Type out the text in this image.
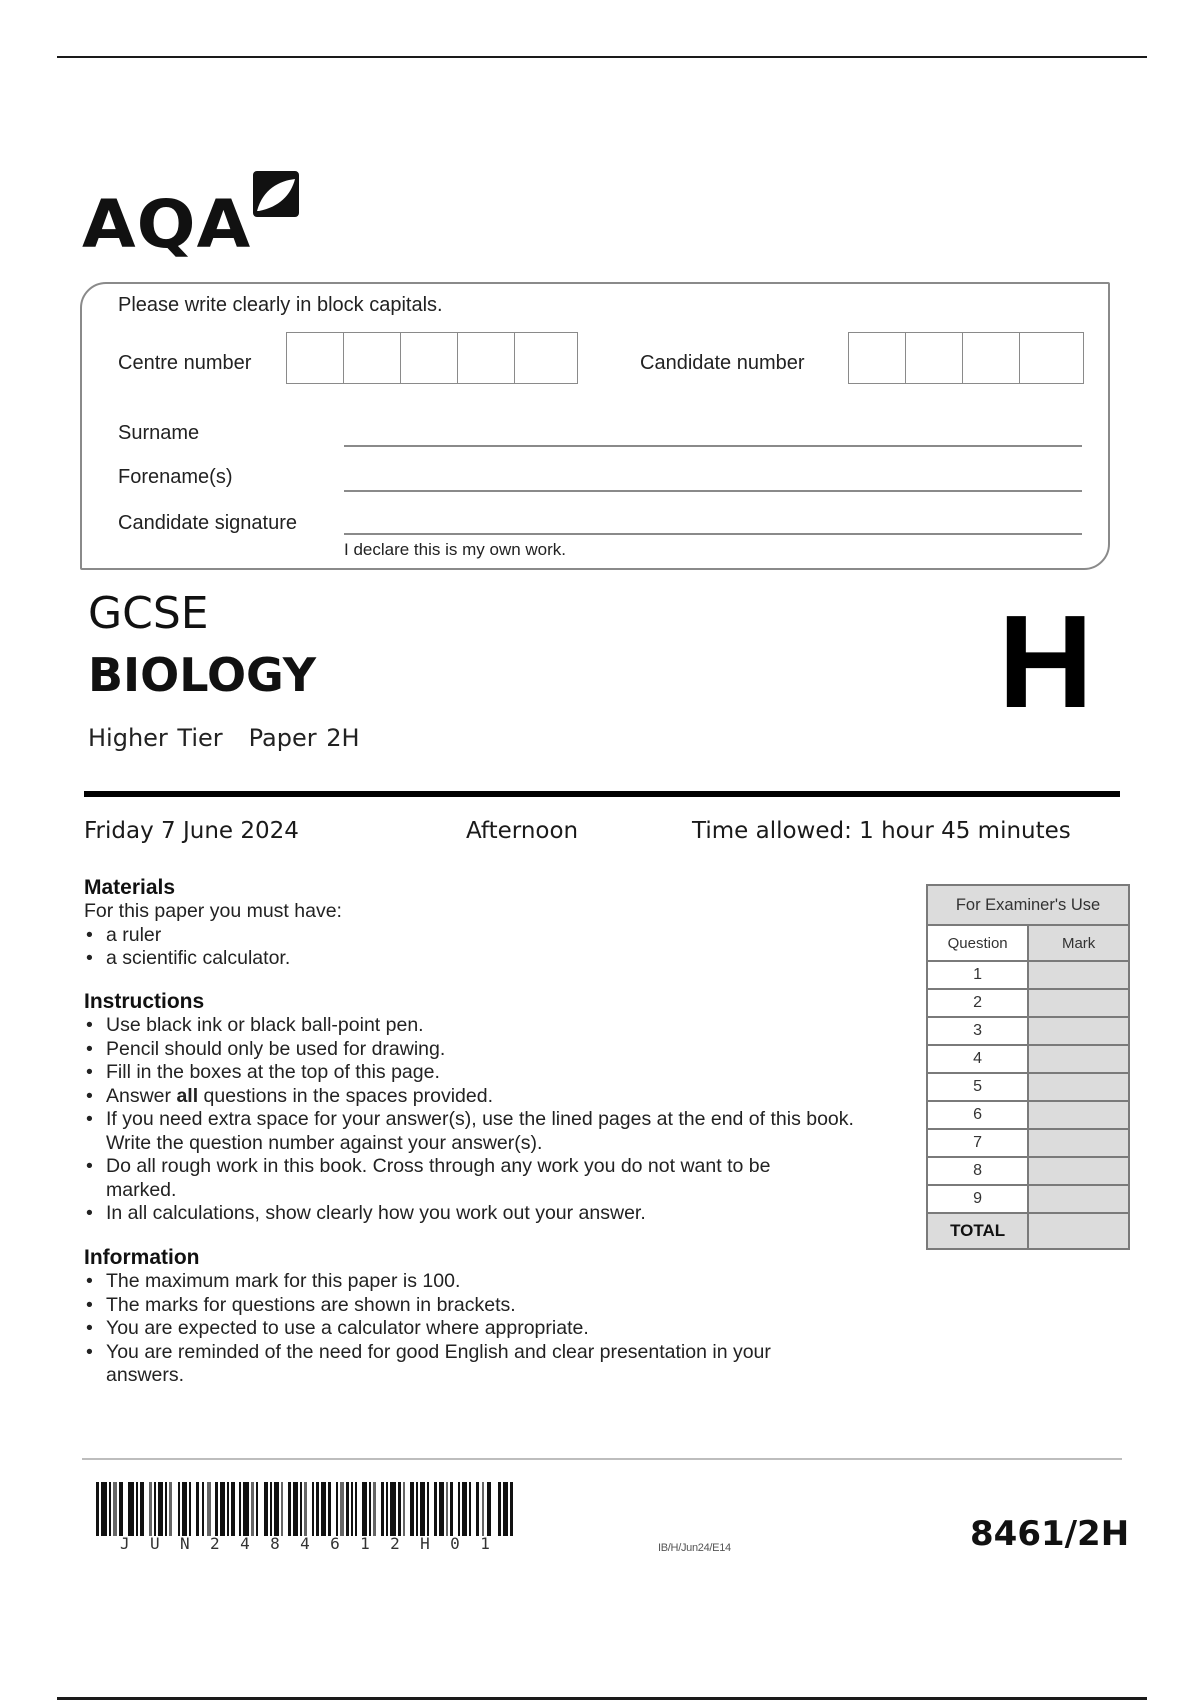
AQA
Please write clearly in block capitals.
Centre number	Candidate number
Surname
Forename(s)
Candidate signature
I declare this is my own work.
GCSE
BIOLOGY
Higher Tier Paper 2H
H
Friday 7 June 2024	Afternoon	Time allowed: 1 hour 45 minutes
Materials

For this paper you must have:

• a ruler
• a scientific calculator.
Instructions
• Use black ink or black ball-point pen.
• Pencil should only be used for drawing.
• Fill in the boxes at the top of this page.
• Answer all questions in the spaces provided.
• If you need extra space for your answer(s), use the lined pages at the end of this book. Write the question number against your answer(s).
• Do all rough work in this book. Cross through any work you do not want to be marked.
• In all calculations, show clearly how you work out your answer.
Information
• The maximum mark for this paper is 100.
• The marks for questions are shown in brackets.
• You are expected to use a calculator where appropriate.
• You are reminded of the need for good English and clear presentation in your answers.
For Examiner's Use	
Question	Mark
1	
2	
3	
4	
5	
6	
7	
8	
9	
TOTAL	
J U N 2 4 8 4 6 1 2 H 0 1	IB/H/Jun24/E14	8461/2H
